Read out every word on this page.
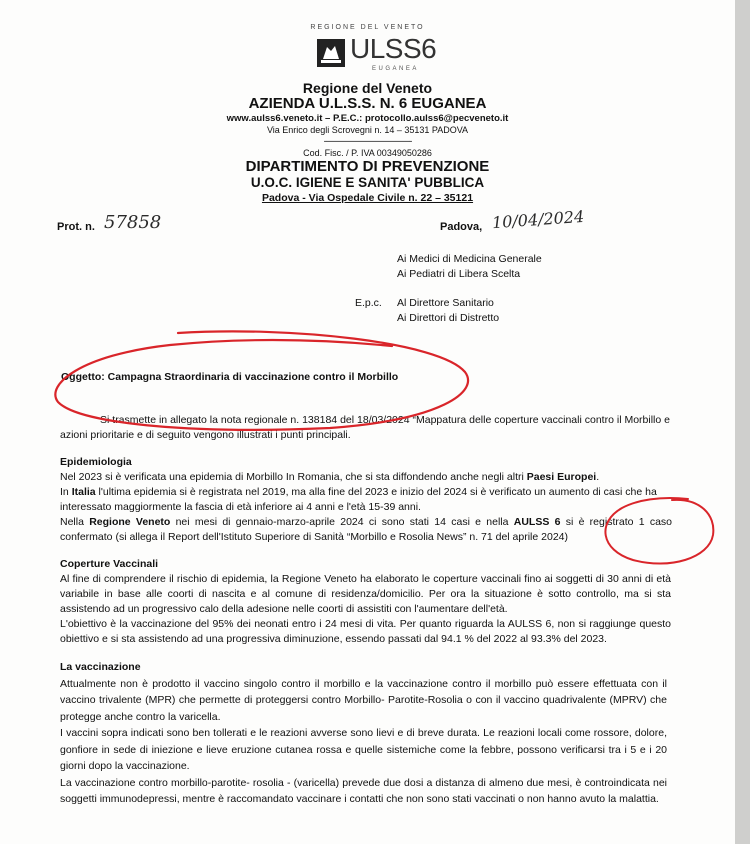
REGIONE DEL VENETO
ULSS6
EUGANEA
Regione del Veneto
AZIENDA U.L.S.S. N. 6 EUGANEA
www.aulss6.veneto.it – P.E.C.: protocollo.aulss6@pecveneto.it
Via Enrico degli Scrovegni n. 14 – 35131 PADOVA
--------------------------------------------
Cod. Fisc. / P. IVA 00349050286
DIPARTIMENTO DI PREVENZIONE
U.O.C. IGIENE E SANITA' PUBBLICA
Padova - Via Ospedale Civile n. 22 – 35121
Prot. n. 57858	Padova, 10/04/2024
Ai Medici di Medicina Generale
Ai Pediatri di Libera Scelta
E.p.c. Al Direttore Sanitario
Ai Direttori di Distretto
Oggetto: Campagna Straordinaria di vaccinazione contro il Morbillo
Si trasmette in allegato la nota regionale n. 138184 del 18/03/2024 “Mappatura delle coperture vaccinali contro il Morbillo e azioni prioritarie e di seguito vengono illustrati i punti principali.

Epidemiologia

Nel 2023 si è verificata una epidemia di Morbillo In Romania, che si sta diffondendo anche negli altri Paesi Europei.

In Italia l'ultima epidemia si è registrata nel 2019, ma alla fine del 2023 e inizio del 2024 si è verificato un aumento di casi che ha interessato maggiormente la fascia di età inferiore ai 4 anni e l'età 15-39 anni.

Nella Regione Veneto nei mesi di gennaio-marzo-aprile 2024 ci sono stati 14 casi e nella AULSS 6 si è registrato 1 caso confermato (si allega il Report dell'Istituto Superiore di Sanità “Morbillo e Rosolia News” n. 71 del aprile 2024)

Coperture Vaccinali

Al fine di comprendere il rischio di epidemia, la Regione Veneto ha elaborato le coperture vaccinali fino ai soggetti di 30 anni di età variabile in base alle coorti di nascita e al comune di residenza/domicilio. Per ora la situazione è sotto controllo, ma si sta assistendo ad un progressivo calo della adesione nelle coorti di assistiti con l'aumentare dell'età.

L'obiettivo è la vaccinazione del 95% dei neonati entro i 24 mesi di vita. Per quanto riguarda la AULSS 6, non si raggiunge questo obiettivo e si sta assistendo ad una progressiva diminuzione, essendo passati dal 94.1 % del 2022 al 93.3% del 2023.

La vaccinazione

Attualmente non è prodotto il vaccino singolo contro il morbillo e la vaccinazione contro il morbillo può essere effettuata con il vaccino trivalente (MPR) che permette di proteggersi contro Morbillo- Parotite-Rosolia o con il vaccino quadrivalente (MPRV) che protegge anche contro la varicella.

I vaccini sopra indicati sono ben tollerati e le reazioni avverse sono lievi e di breve durata. Le reazioni locali come rossore, dolore, gonfiore in sede di iniezione e lieve eruzione cutanea rossa e quelle sistemiche come la febbre, possono verificarsi tra i 5 e i 20 giorni dopo la vaccinazione.

La vaccinazione contro morbillo-parotite- rosolia - (varicella) prevede due dosi a distanza di almeno due mesi, è controindicata nei soggetti immunodepressi, mentre è raccomandato vaccinare i contatti che non sono stati vaccinati o non hanno avuto la malattia.
